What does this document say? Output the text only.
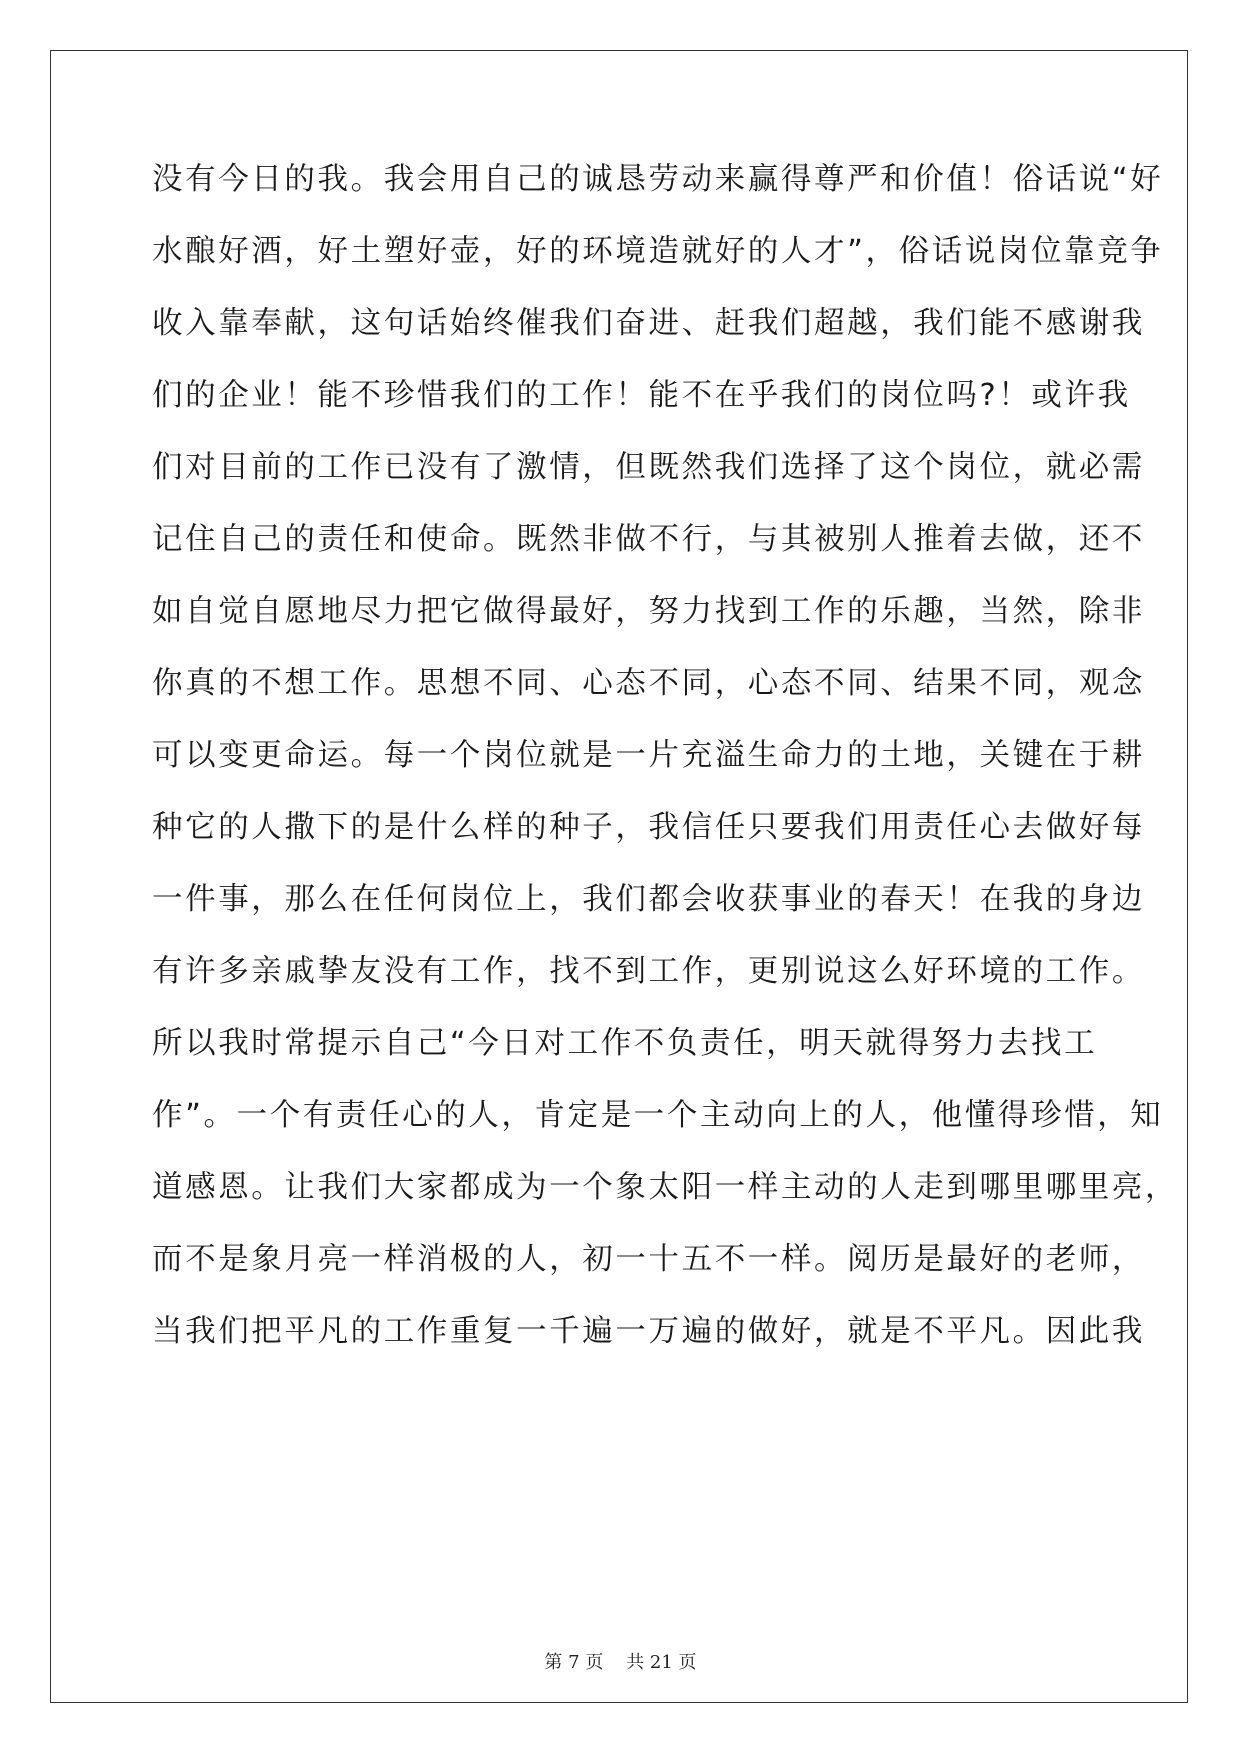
没有今日的我。我会用自己的诚恳劳动来赢得尊严和价值！俗话说“好
水酿好酒，好土塑好壶，好的环境造就好的人才”，俗话说岗位靠竞争
收入靠奉献，这句话始终催我们奋进、赶我们超越，我们能不感谢我
们的企业！能不珍惜我们的工作！能不在乎我们的岗位吗?！或许我
们对目前的工作已没有了激情，但既然我们选择了这个岗位，就必需
记住自己的责任和使命。既然非做不行，与其被别人推着去做，还不
如自觉自愿地尽力把它做得最好，努力找到工作的乐趣，当然，除非
你真的不想工作。思想不同、心态不同，心态不同、结果不同，观念
可以变更命运。每一个岗位就是一片充溢生命力的土地，关键在于耕
种它的人撒下的是什么样的种子，我信任只要我们用责任心去做好每
一件事，那么在任何岗位上，我们都会收获事业的春天！在我的身边
有许多亲戚挚友没有工作，找不到工作，更别说这么好环境的工作。
所以我时常提示自己“今日对工作不负责任，明天就得努力去找工
作”。一个有责任心的人，肯定是一个主动向上的人，他懂得珍惜，知
道感恩。让我们大家都成为一个象太阳一样主动的人走到哪里哪里亮，
而不是象月亮一样消极的人，初一十五不一样。阅历是最好的老师，
当我们把平凡的工作重复一千遍一万遍的做好，就是不平凡。因此我
第 7 页    共 21 页
